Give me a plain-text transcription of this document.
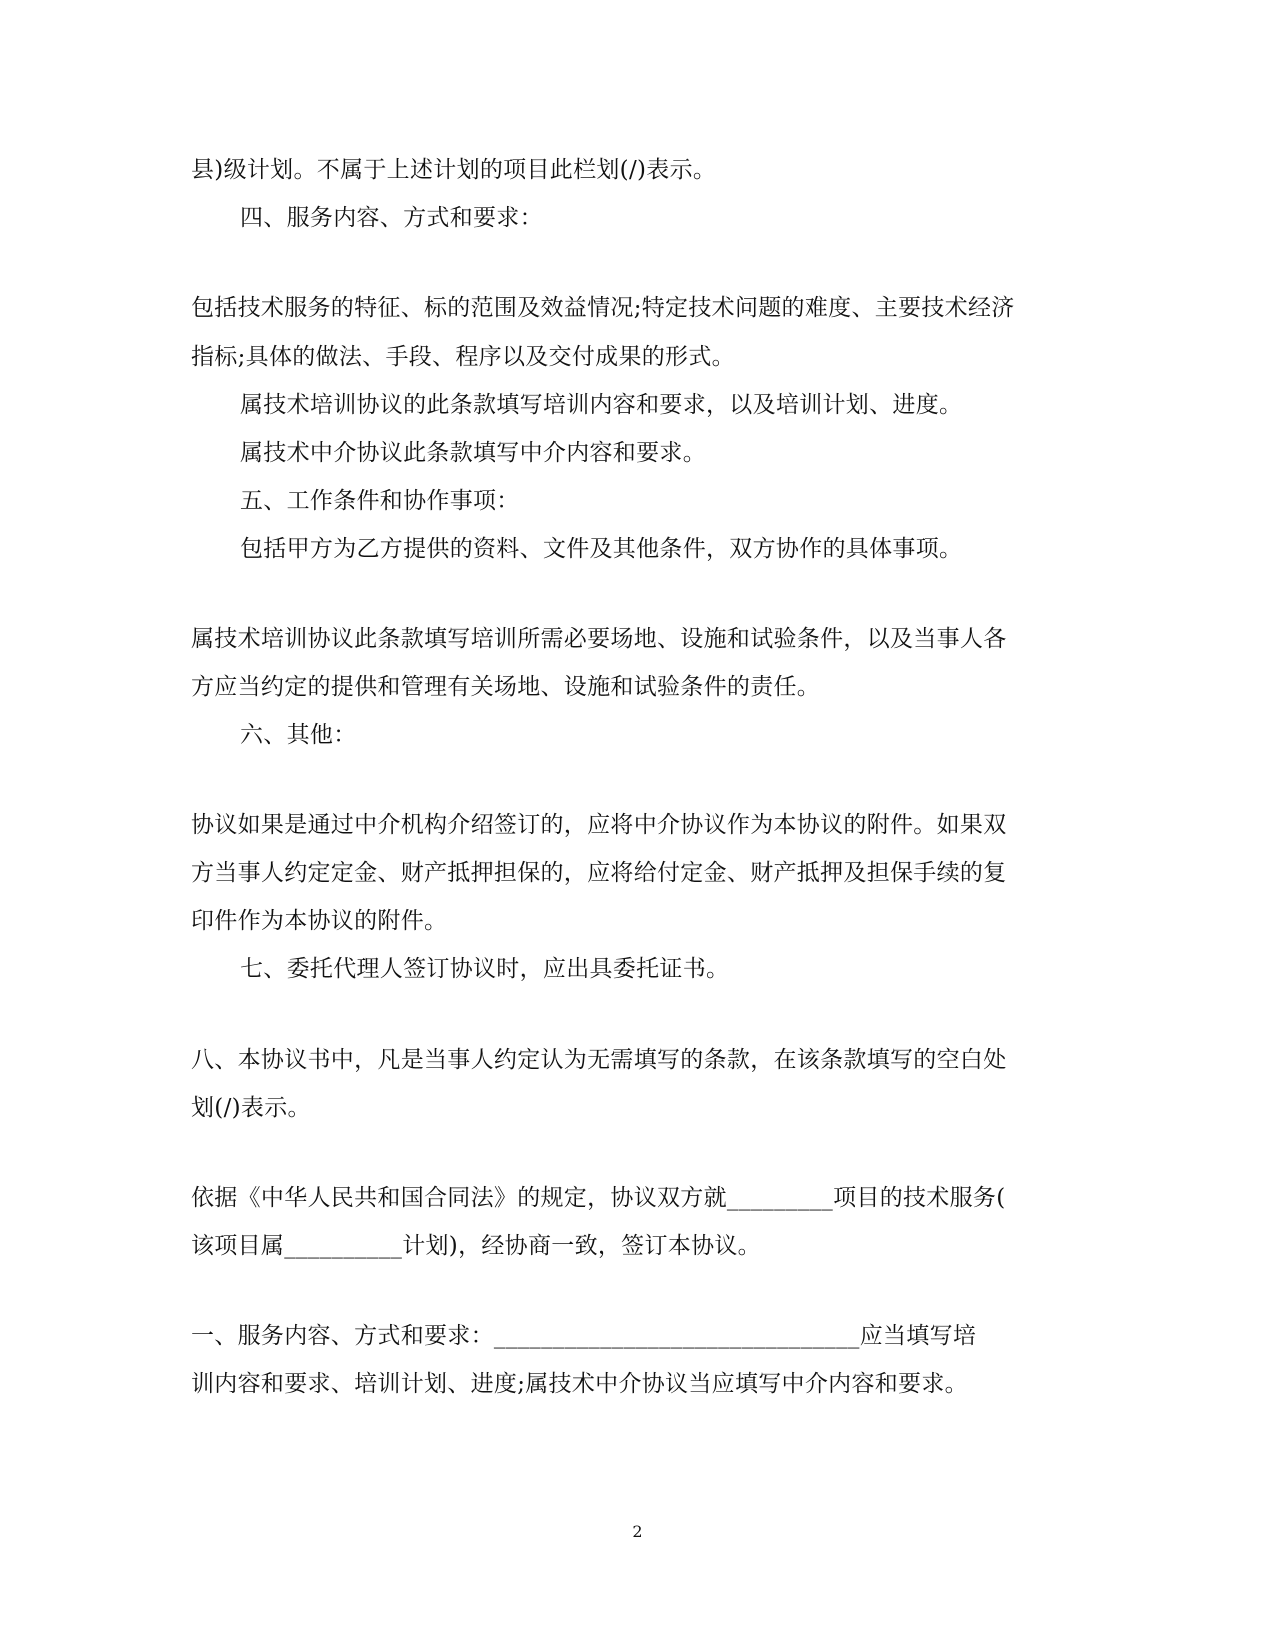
县)级计划。不属于上述计划的项目此栏划(/)表示。
四、服务内容、方式和要求：
包括技术服务的特征、标的范围及效益情况;特定技术问题的难度、主要技术经济
指标;具体的做法、手段、程序以及交付成果的形式。
属技术培训协议的此条款填写培训内容和要求，以及培训计划、进度。
属技术中介协议此条款填写中介内容和要求。
五、工作条件和协作事项：
包括甲方为乙方提供的资料、文件及其他条件，双方协作的具体事项。
属技术培训协议此条款填写培训所需必要场地、设施和试验条件，以及当事人各
方应当约定的提供和管理有关场地、设施和试验条件的责任。
六、其他：
协议如果是通过中介机构介绍签订的，应将中介协议作为本协议的附件。如果双
方当事人约定定金、财产抵押担保的，应将给付定金、财产抵押及担保手续的复
印件作为本协议的附件。
七、委托代理人签订协议时，应出具委托证书。
八、本协议书中，凡是当事人约定认为无需填写的条款，在该条款填写的空白处
划(/)表示。
依据《中华人民共和国合同法》的规定，协议双方就_________项目的技术服务(
该项目属__________计划)，经协商一致，签订本协议。
一、服务内容、方式和要求：_______________________________应当填写培
训内容和要求、培训计划、进度;属技术中介协议当应填写中介内容和要求。
2
